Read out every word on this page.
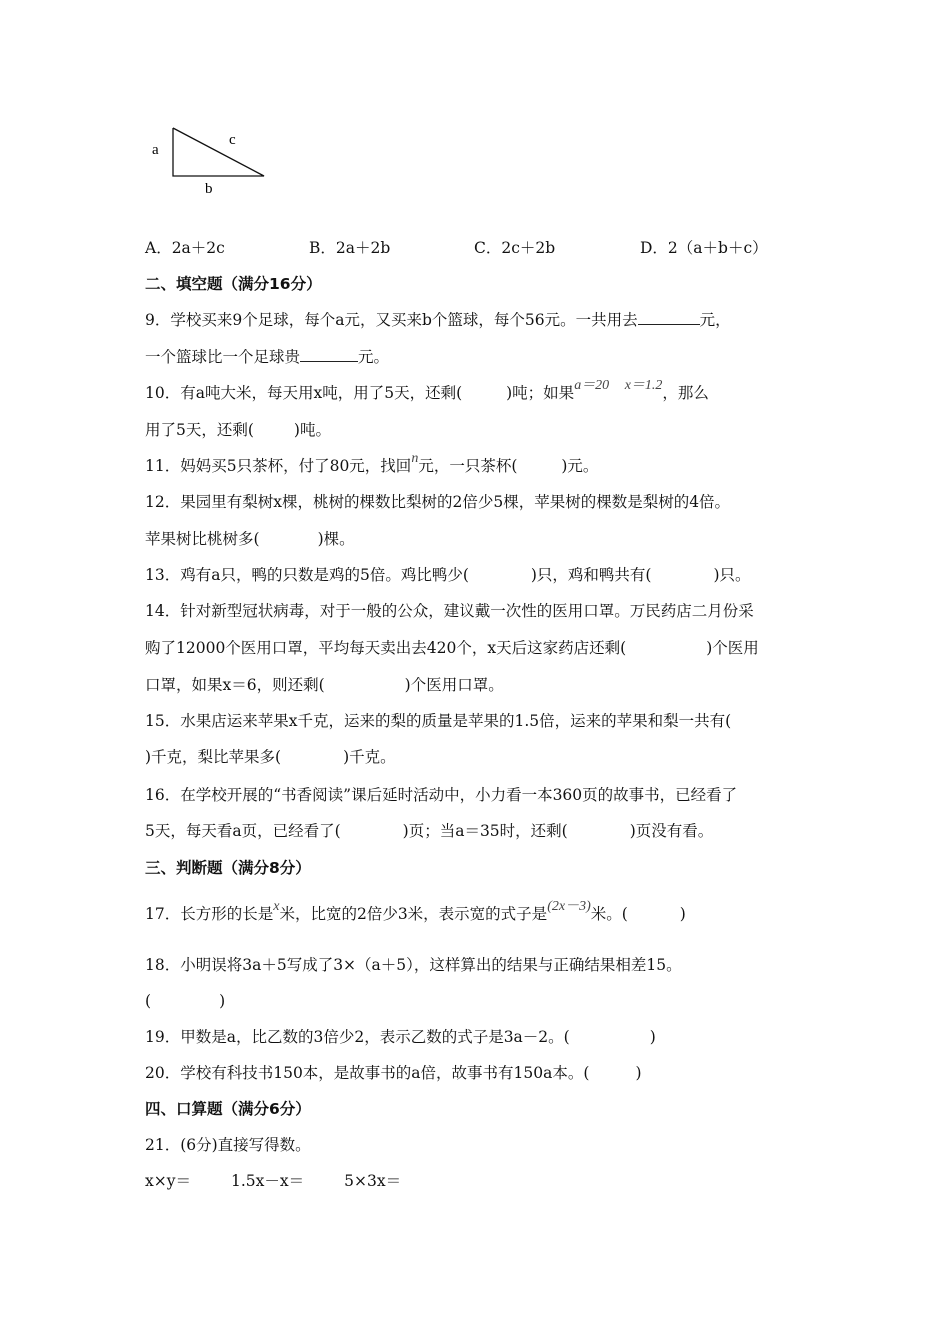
a
c
b
A．2a＋2c	B．2a＋2b	C．2c＋2b	D．2（a＋b＋c）
二、填空题（满分16分）
9．学校买来9个足球，每个a元，又买来b个篮球，每个56元。一共用去	元，
一个篮球比一个足球贵	元。
10．有a吨大米，每天用x吨，用了5天，还剩(	)吨；如果a＝20　 x＝1.2，那么
用了5天，还剩(	)吨。
11．妈妈买5只茶杯，付了80元，找回n元，一只茶杯(	)元。
12．果园里有梨树x棵，桃树的棵数比梨树的2倍少5棵，苹果树的棵数是梨树的4倍。
苹果树比桃树多(	)棵。
13．鸡有a只，鸭的只数是鸡的5倍。鸡比鸭少(	)只，鸡和鸭共有(	)只。
14．针对新型冠状病毒，对于一般的公众，建议戴一次性的医用口罩。万民药店二月份采
购了12000个医用口罩，平均每天卖出去420个，x天后这家药店还剩(	)个医用
口罩，如果x＝6，则还剩(	)个医用口罩。
15．水果店运来苹果x千克，运来的梨的质量是苹果的1.5倍，运来的苹果和梨一共有(
)千克，梨比苹果多(	)千克。
16．在学校开展的“书香阅读”课后延时活动中，小力看一本360页的故事书，已经看了
5天，每天看a页，已经看了(	)页；当a＝35时，还剩(	)页没有看。
三、判断题（满分8分）
17．长方形的长是x米，比宽的2倍少3米，表示宽的式子是(2x－3)米。(	)
18．小明误将3a＋5写成了3×（a＋5），这样算出的结果与正确结果相差15。
(	)
19．甲数是a，比乙数的3倍少2，表示乙数的式子是3a－2。(	)
20．学校有科技书150本，是故事书的a倍，故事书有150a本。(	)
四、口算题（满分6分）
21．(6分)直接写得数。
x×y＝	1.5x－x＝	5×3x＝
